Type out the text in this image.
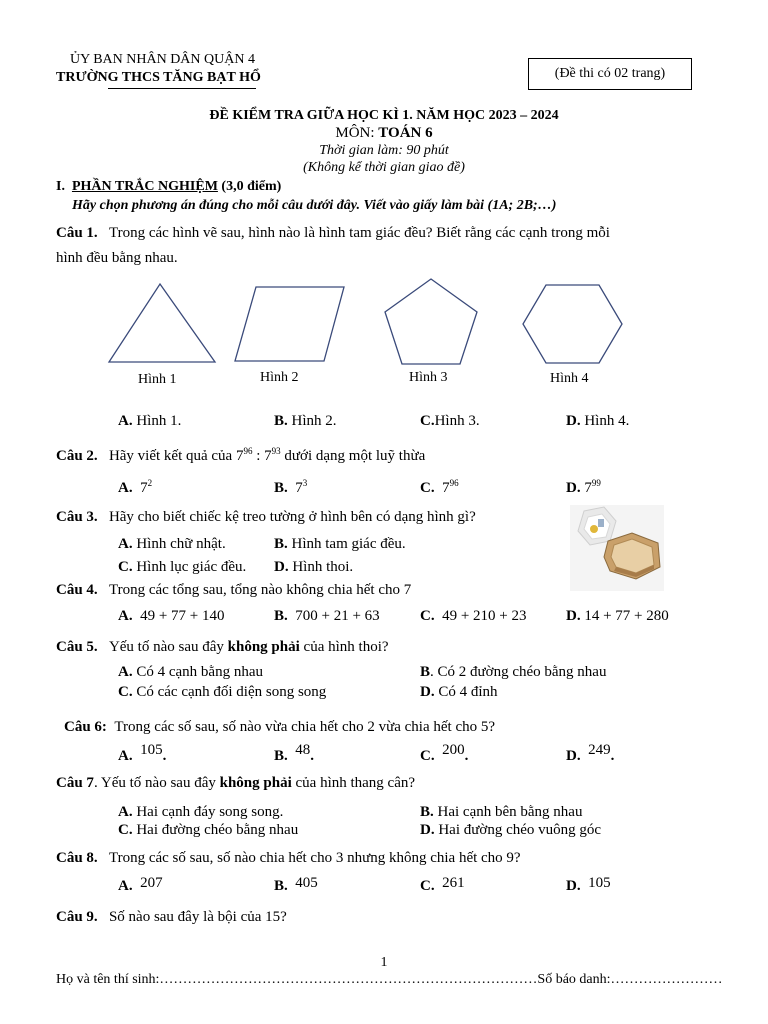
ỦY BAN NHÂN DÂN QUẬN 4
TRƯỜNG THCS TĂNG BẠT HỔ	(Đề thi có 02 trang)
ĐỀ KIỂM TRA GIỮA HỌC KÌ 1. NĂM HỌC 2023 – 2024
MÔN: TOÁN 6
Thời gian làm: 90 phút
(Không kể thời gian giao đề)
I. PHẦN TRẮC NGHIỆM (3,0 điểm)
Hãy chọn phương án đúng cho mỗi câu dưới đây. Viết vào giấy làm bài (1A; 2B;…)
Câu 1. Trong các hình vẽ sau, hình nào là hình tam giác đều? Biết rằng các cạnh trong mỗi
hình đều bằng nhau.
Hình 1	Hình 2	Hình 3	Hình 4
A. Hình 1.	B. Hình 2.	C.Hình 3.	D. Hình 4.
Câu 2. Hãy viết kết quả của $7^{96}$ : $7^{93}$ dưới dạng một luỹ thừa
A. $7^2$	B. $7^3$	C. $7^{96}$	D. $7^{99}$
Câu 3. Hãy cho biết chiếc kệ treo tường ở hình bên có dạng hình gì?
A. Hình chữ nhật.	B. Hình tam giác đều.
C. Hình lục giác đều. D. Hình thoi.
Câu 4. Trong các tổng sau, tổng nào không chia hết cho 7
A. 49 + 77 + 140	B. 700 + 21 + 63	C. 49 + 210 + 23	D. 14 + 77 + 280
Câu 5. Yếu tố nào sau đây không phải của hình thoi?
A. Có 4 cạnh bằng nhau	B. Có 2 đường chéo bằng nhau
C. Có các cạnh đối diện song song	D. Có 4 đỉnh
Câu 6: Trong các số sau, số nào vừa chia hết cho 2 vừa chia hết cho 5?
A. 105.	B. 48.	C. 200.	D. 249.
Câu 7. Yếu tố nào sau đây không phải của hình thang cân?
A. Hai cạnh đáy song song.	B. Hai cạnh bên bằng nhau
C. Hai đường chéo bằng nhau	D. Hai đường chéo vuông góc
Câu 8. Trong các số sau, số nào chia hết cho 3 nhưng không chia hết cho 9?
A. 207	B. 405	C. 261	D. 105
Câu 9. Số nào sau đây là bội của 15?
1
Họ và tên thí sinh:………………………………………………………………………Số báo danh:……………………
